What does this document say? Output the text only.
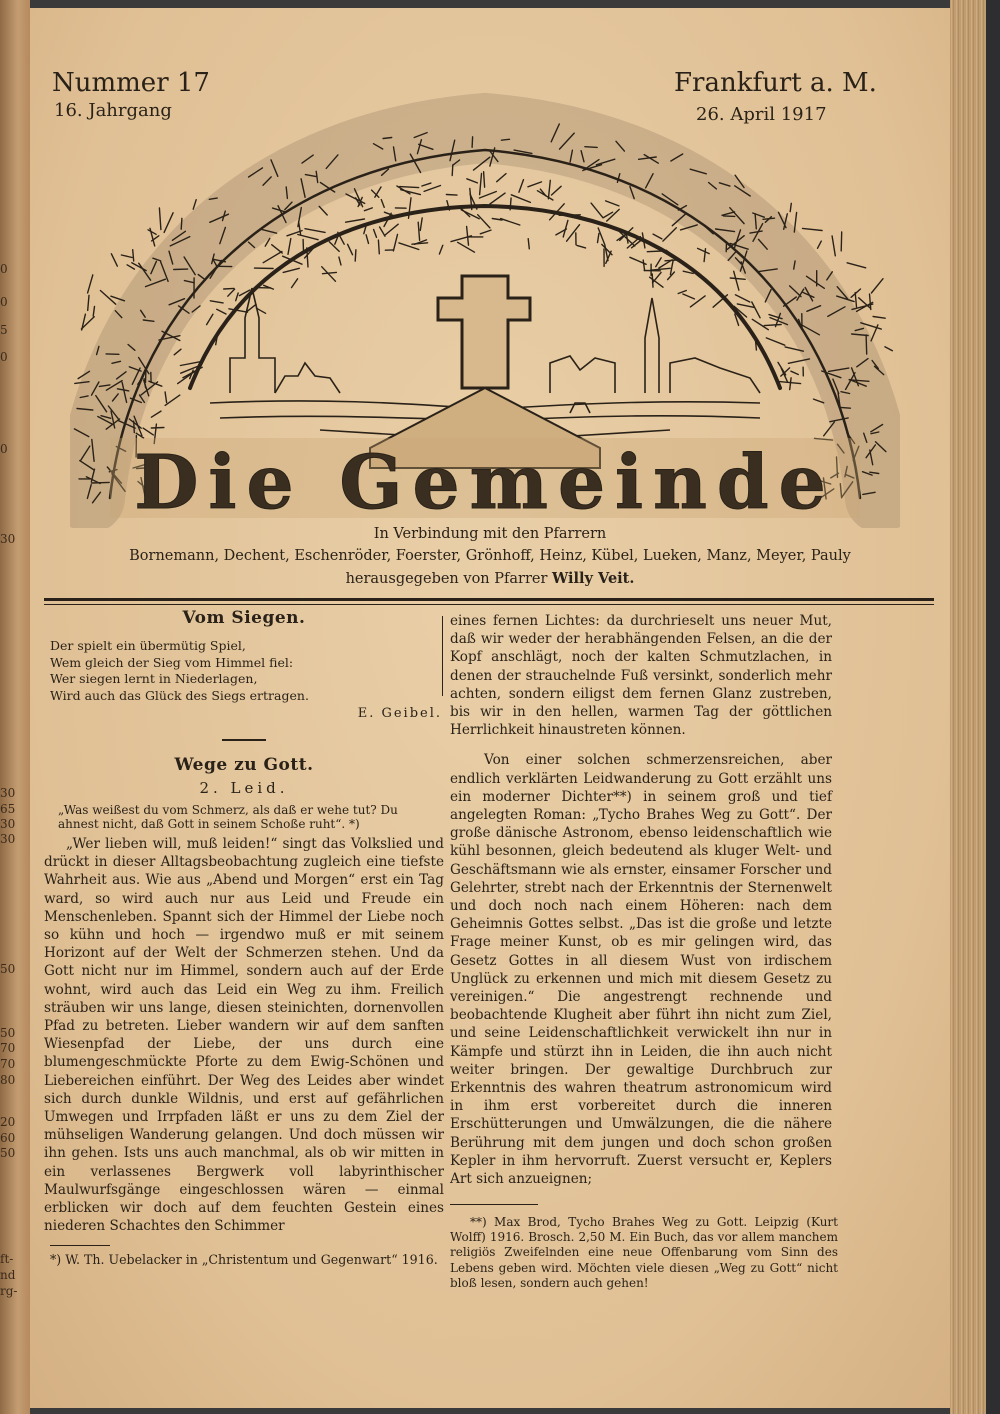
0
0
5
0
0
30
30
65
30
30
50
50
70
70
80
20
60
50
ft-
nd
rg-
Die Gemeinde
Nummer 17
16. Jahrgang
Frankfurt a. M.
26. April 1917
In Verbindung mit den Pfarrern
Bornemann, Dechent, Eschenröder, Foerster, Grönhoff, Heinz, Kübel, Lueken, Manz, Meyer, Pauly
herausgegeben von Pfarrer Willy Veit.
Vom Siegen.
Der spielt ein übermütig Spiel,
Wem gleich der Sieg vom Himmel fiel:
Wer siegen lernt in Niederlagen,
Wird auch das Glück des Siegs ertragen.
E. Geibel.
Wege zu Gott.
2. Leid.
„Was weißest du vom Schmerz, als daß er wehe tut? Du ahnest nicht, daß Gott in seinem Schoße ruht“. *)

„Wer lieben will, muß leiden!“ singt das Volkslied und drückt in dieser Alltagsbeobachtung zugleich eine tiefste Wahrheit aus. Wie aus „Abend und Morgen“ erst ein Tag ward, so wird auch nur aus Leid und Freude ein Menschenleben. Spannt sich der Himmel der Liebe noch so kühn und hoch — irgendwo muß er mit seinem Horizont auf der Welt der Schmerzen stehen. Und da Gott nicht nur im Himmel, sondern auch auf der Erde wohnt, wird auch das Leid ein Weg zu ihm. Freilich sträuben wir uns lange, diesen steinichten, dornenvollen Pfad zu betreten. Lieber wandern wir auf dem sanften Wiesenpfad der Liebe, der uns durch eine blumengeschmückte Pforte zu dem Ewig-Schönen und Liebereichen einführt. Der Weg des Leides aber windet sich durch dunkle Wildnis, und erst auf gefährlichen Umwegen und Irrpfaden läßt er uns zu dem Ziel der mühseligen Wanderung gelangen. Und doch müssen wir ihn gehen. Ists uns auch manchmal, als ob wir mitten in ein verlassenes Bergwerk voll labyrinthischer Maulwurfsgänge eingeschlossen wären — einmal erblicken wir doch auf dem feuchten Gestein eines niederen Schachtes den Schimmer

*) W. Th. Uebelacker in „Christentum und Gegenwart“ 1916.

eines fernen Lichtes: da durchrieselt uns neuer Mut, daß wir weder der herabhängenden Felsen, an die der Kopf anschlägt, noch der kalten Schmutzlachen, in denen der strauchelnde Fuß versinkt, sonderlich mehr achten, sondern eiligst dem fernen Glanz zustreben, bis wir in den hellen, warmen Tag der göttlichen Herrlichkeit hinaustreten können.

Von einer solchen schmerzensreichen, aber endlich verklärten Leidwanderung zu Gott erzählt uns ein moderner Dichter**) in seinem groß und tief angelegten Roman: „Tycho Brahes Weg zu Gott“. Der große dänische Astronom, ebenso leidenschaftlich wie kühl besonnen, gleich bedeutend als kluger Welt- und Geschäftsmann wie als ernster, einsamer Forscher und Gelehrter, strebt nach der Erkenntnis der Sternenwelt und doch noch nach einem Höheren: nach dem Geheimnis Gottes selbst. „Das ist die große und letzte Frage meiner Kunst, ob es mir gelingen wird, das Gesetz Gottes in all diesem Wust von irdischem Unglück zu erkennen und mich mit diesem Gesetz zu vereinigen.“ Die angestrengt rechnende und beobachtende Klugheit aber führt ihn nicht zum Ziel, und seine Leidenschaftlichkeit verwickelt ihn nur in Kämpfe und stürzt ihn in Leiden, die ihn auch nicht weiter bringen. Der gewaltige Durchbruch zur Erkenntnis des wahren theatrum astronomicum wird in ihm erst vorbereitet durch die inneren Erschütterungen und Umwälzungen, die die nähere Berührung mit dem jungen und doch schon großen Kepler in ihm hervorruft. Zuerst versucht er, Keplers Art sich anzueignen;

**) Max Brod, Tycho Brahes Weg zu Gott. Leipzig (Kurt Wolff) 1916. Brosch. 2,50 M. Ein Buch, das vor allem manchem religiös Zweifelnden eine neue Offenbarung vom Sinn des Lebens geben wird. Möchten viele diesen „Weg zu Gott“ nicht bloß lesen, sondern auch gehen!
